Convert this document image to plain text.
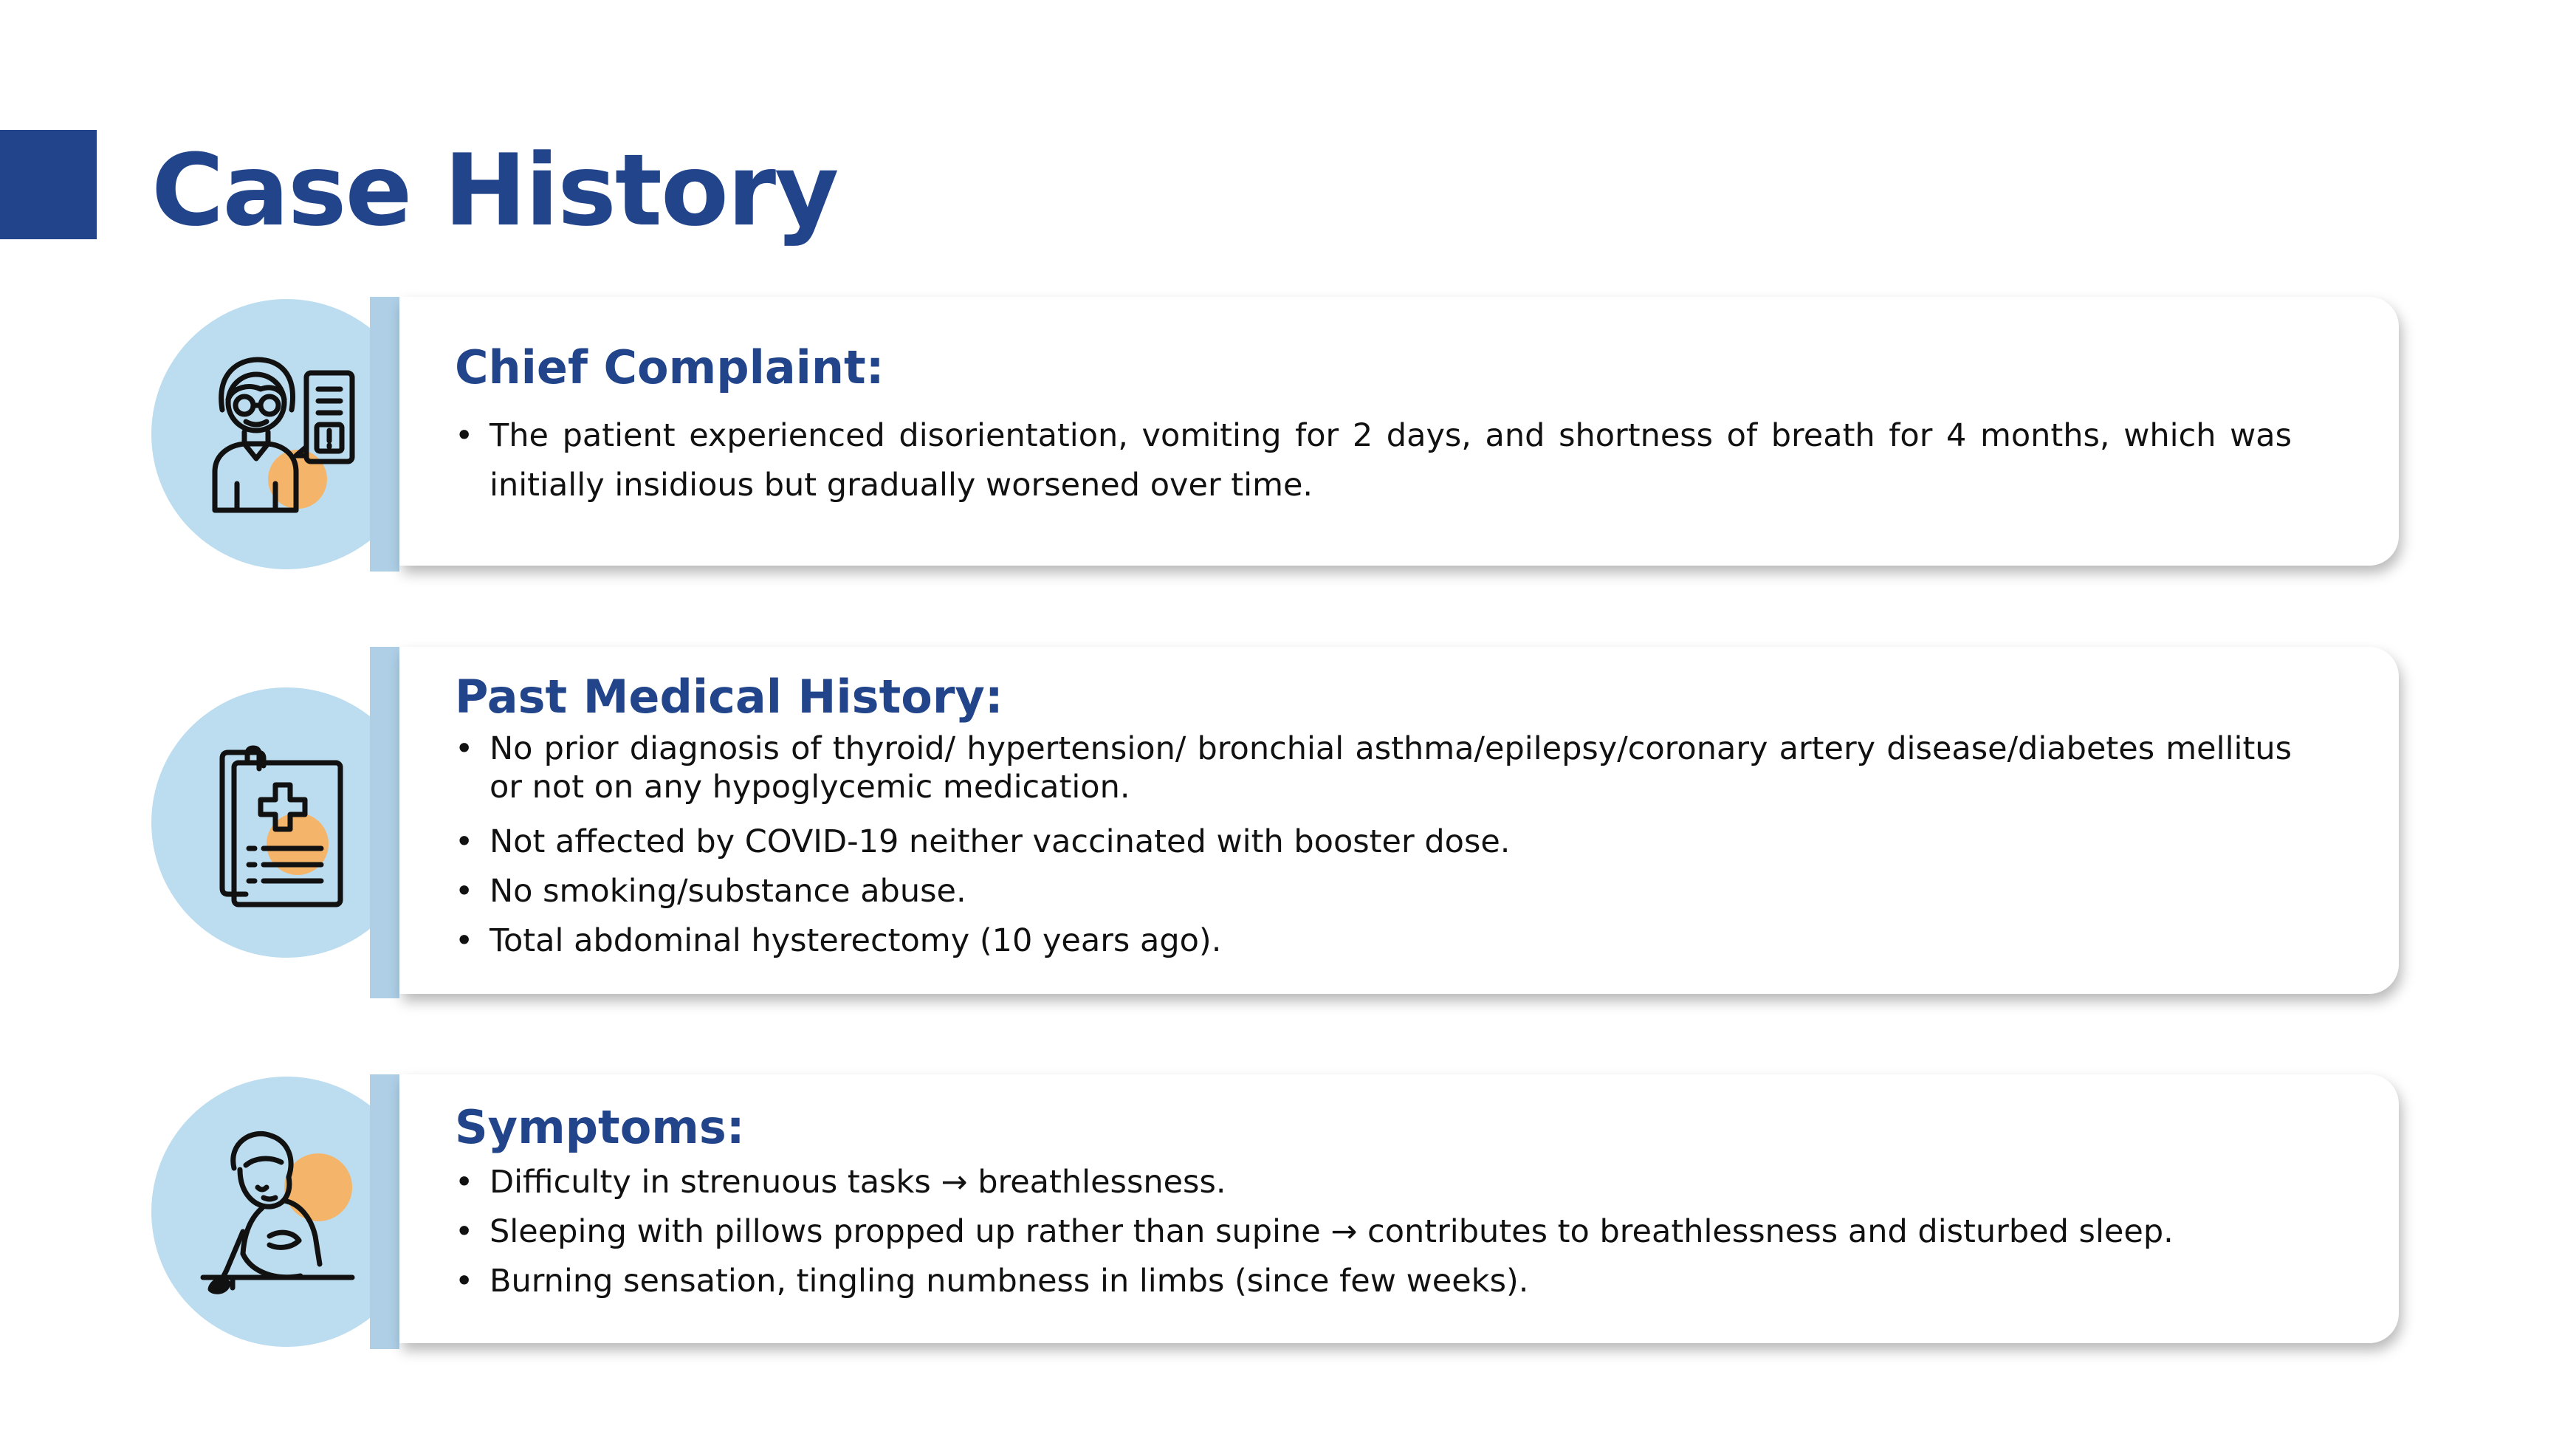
Case History
Chief Complaint:
• The patient experienced disorientation, vomiting for 2 days, and shortness of breath for 4 months, which was initially insidious but gradually worsened over time.
Past Medical History:
• No prior diagnosis of thyroid/ hypertension/ bronchial asthma/epilepsy/coronary artery disease/diabetes mellitus or not on any hypoglycemic medication.
• Not affected by COVID-19 neither vaccinated with booster dose.
• No smoking/substance abuse.
• Total abdominal hysterectomy (10 years ago).
Symptoms:
• Difficulty in strenuous tasks → breathlessness.
• Sleeping with pillows propped up rather than supine → contributes to breathlessness and disturbed sleep.
• Burning sensation, tingling numbness in limbs (since few weeks).
